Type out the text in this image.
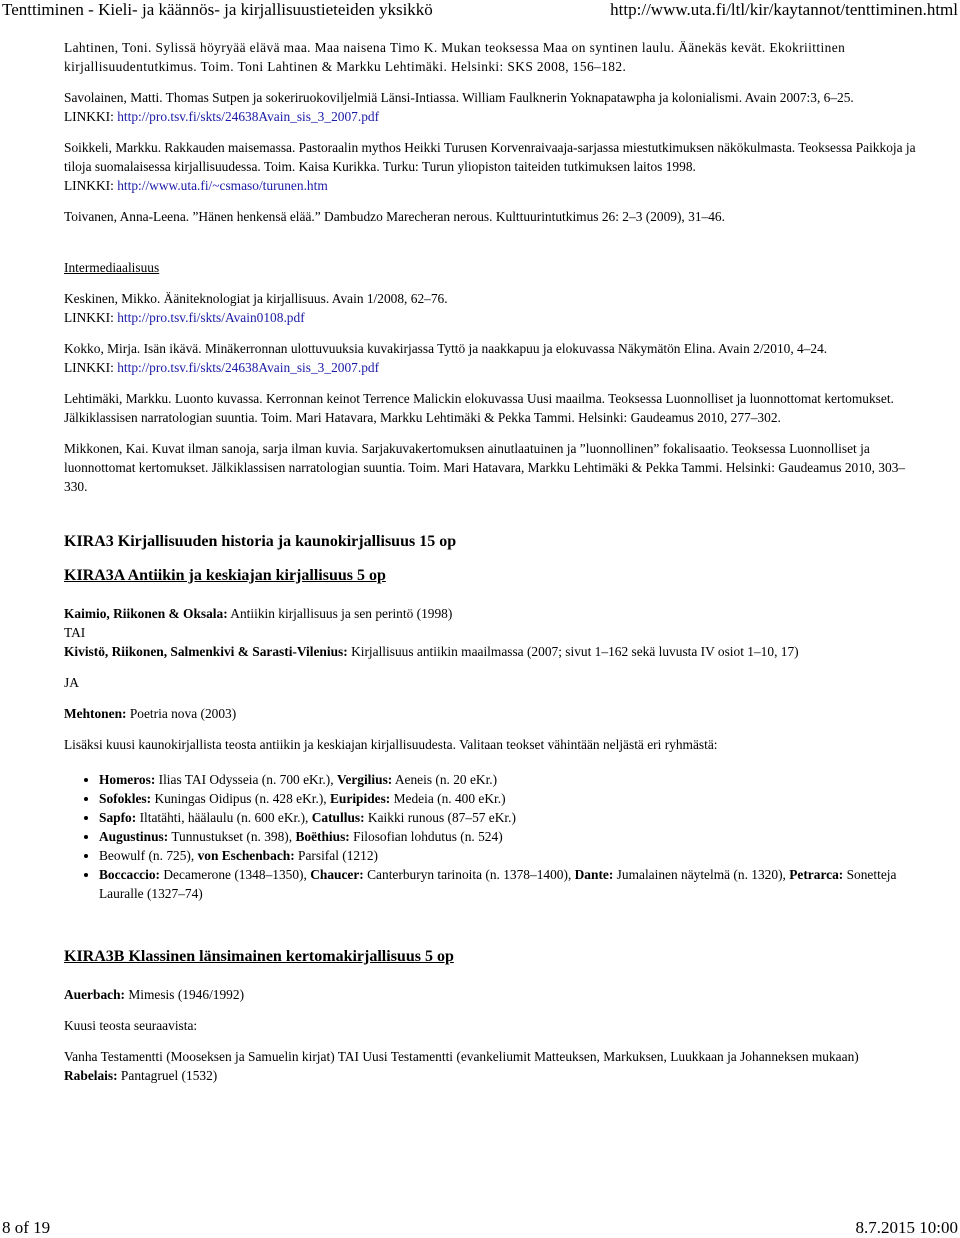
Tenttiminen - Kieli- ja käännös- ja kirjallisuustieteiden yksikkö	http://www.uta.fi/ltl/kir/kaytannot/tenttiminen.html

Lahtinen, Toni. Sylissä höyryää elävä maa. Maa naisena Timo K. Mukan teoksessa Maa on syntinen laulu. Äänekäs kevät. Ekokriittinen kirjallisuudentutkimus. Toim. Toni Lahtinen & Markku Lehtimäki. Helsinki: SKS 2008, 156–182.

Savolainen, Matti. Thomas Sutpen ja sokeriruokoviljelmiä Länsi-Intiassa. William Faulknerin Yoknapatawpha ja kolonialismi. Avain 2007:3, 6–25.

LINKKI: http://pro.tsv.fi/skts/24638Avain_sis_3_2007.pdf

Soikkeli, Markku. Rakkauden maisemassa. Pastoraalin mythos Heikki Turusen Korvenraivaaja-sarjassa miestutkimuksen näkökulmasta. Teoksessa Paikkoja ja tiloja suomalaisessa kirjallisuudessa. Toim. Kaisa Kurikka. Turku: Turun yliopiston taiteiden tutkimuksen laitos 1998.

LINKKI: http://www.uta.fi/~csmaso/turunen.htm

Toivanen, Anna-Leena. ”Hänen henkensä elää.” Dambudzo Marecheran nerous. Kulttuurintutkimus 26: 2–3 (2009), 31–46.

Intermediaalisuus

Keskinen, Mikko. Ääniteknologiat ja kirjallisuus. Avain 1/2008, 62–76.

LINKKI: http://pro.tsv.fi/skts/Avain0108.pdf

Kokko, Mirja. Isän ikävä. Minäkerronnan ulottuvuuksia kuvakirjassa Tyttö ja naakkapuu ja elokuvassa Näkymätön Elina. Avain 2/2010, 4–24.

LINKKI: http://pro.tsv.fi/skts/24638Avain_sis_3_2007.pdf

Lehtimäki, Markku. Luonto kuvassa. Kerronnan keinot Terrence Malickin elokuvassa Uusi maailma. Teoksessa Luonnolliset ja luonnottomat kertomukset. Jälkiklassisen narratologian suuntia. Toim. Mari Hatavara, Markku Lehtimäki & Pekka Tammi. Helsinki: Gaudeamus 2010, 277–302.

Mikkonen, Kai. Kuvat ilman sanoja, sarja ilman kuvia. Sarjakuvakertomuksen ainutlaatuinen ja ”luonnollinen” fokalisaatio. Teoksessa Luonnolliset ja luonnottomat kertomukset. Jälkiklassisen narratologian suuntia. Toim. Mari Hatavara, Markku Lehtimäki & Pekka Tammi. Helsinki: Gaudeamus 2010, 303–330.

KIRA3 Kirjallisuuden historia ja kaunokirjallisuus 15 op
KIRA3A Antiikin ja keskiajan kirjallisuus 5 op

Kaimio, Riikonen & Oksala: Antiikin kirjallisuus ja sen perintö (1998)

TAI

Kivistö, Riikonen, Salmenkivi & Sarasti-Vilenius: Kirjallisuus antiikin maailmassa (2007; sivut 1–162 sekä luvusta IV osiot 1–10, 17)

JA

Mehtonen: Poetria nova (2003)

Lisäksi kuusi kaunokirjallista teosta antiikin ja keskiajan kirjallisuudesta. Valitaan teokset vähintään neljästä eri ryhmästä:

• Homeros: Ilias TAI Odysseia (n. 700 eKr.), Vergilius: Aeneis (n. 20 eKr.)
• Sofokles: Kuningas Oidipus (n. 428 eKr.), Euripides: Medeia (n. 400 eKr.)
• Sapfo: Iltatähti, häälaulu (n. 600 eKr.), Catullus: Kaikki runous (87–57 eKr.)
• Augustinus: Tunnustukset (n. 398), Boëthius: Filosofian lohdutus (n. 524)
• Beowulf (n. 725), von Eschenbach: Parsifal (1212)
• Boccaccio: Decamerone (1348–1350), Chaucer: Canterburyn tarinoita (n. 1378–1400), Dante: Jumalainen näytelmä (n. 1320), Petrarca: Sonetteja Lauralle (1327–74)
KIRA3B Klassinen länsimainen kertomakirjallisuus 5 op

Auerbach: Mimesis (1946/1992)

Kuusi teosta seuraavista:

Vanha Testamentti (Mooseksen ja Samuelin kirjat) TAI Uusi Testamentti (evankeliumit Matteuksen, Markuksen, Luukkaan ja Johanneksen mukaan)

Rabelais: Pantagruel (1532)

8 of 19	8.7.2015 10:00
